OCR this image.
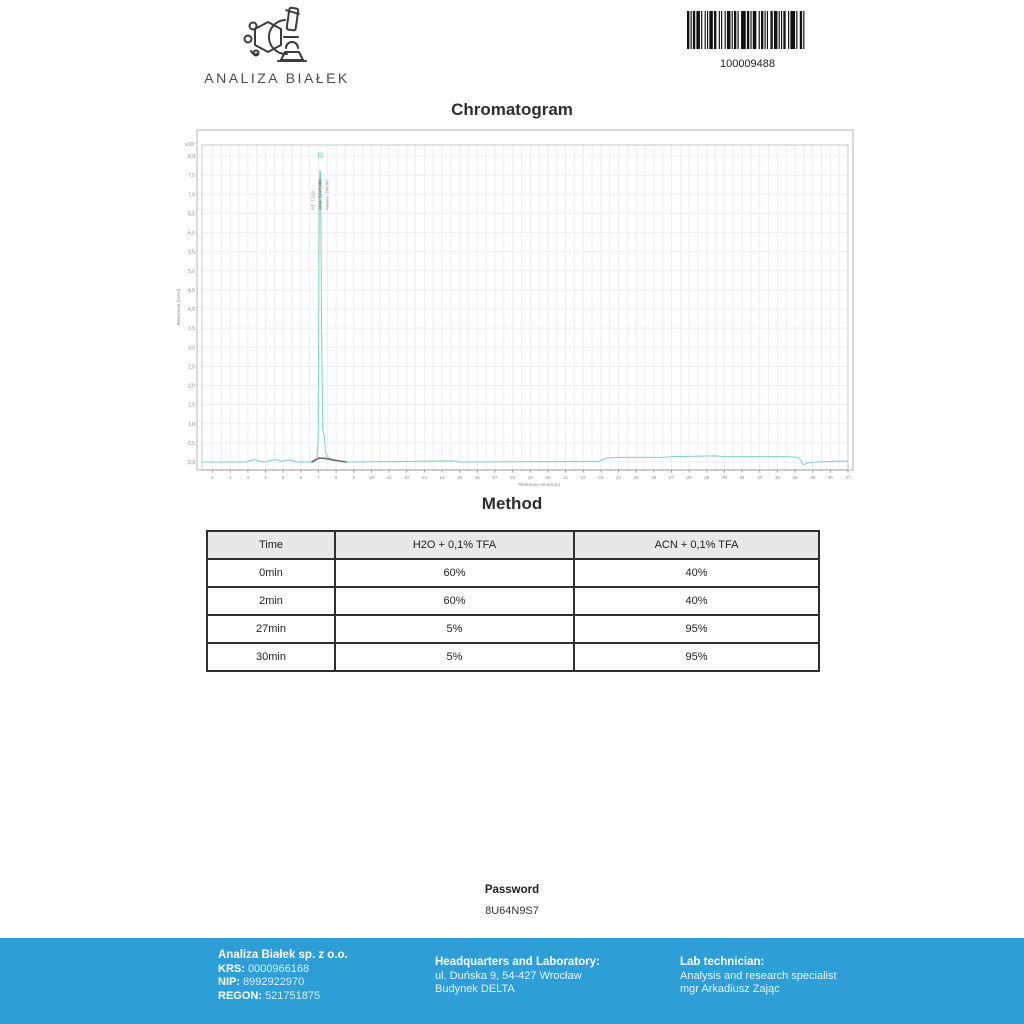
ANALIZA BIAŁEK
100009488
Chromatogram
0,0
0,5
1,0
1,5
2,0
2,5
3,0
3,5
4,0
4,5
5,0
5,5
6,0
6,5
7,0
7,5
8,0
x10²
1	2	3	4	5	6	7	8	9	10	11	12	13	14	15	16	17	18	19	20	21	22	23	24	25	26	27	28	29	30	31	32	33	34	35	36	37
Retention time[min]
Response [mAU]
RT: 7.102 Area: 5743.966 Area%: 100.00
Method
Time	H2O + 0,1% TFA	ACN + 0,1% TFA
0min	60%	40%
2min	60%	40%
27min	5%	95%
30min	5%	95%
Password
8U64N9S7
Analiza Białek sp. z o.o.
KRS: 0000966168
NIP: 8992922970
REGON: 521751875
Headquarters and Laboratory:
ul. Duńska 9, 54-427 Wrocław
Budynek DELTA
Lab technician:
Analysis and research specialist
mgr Arkadiusz Zając
